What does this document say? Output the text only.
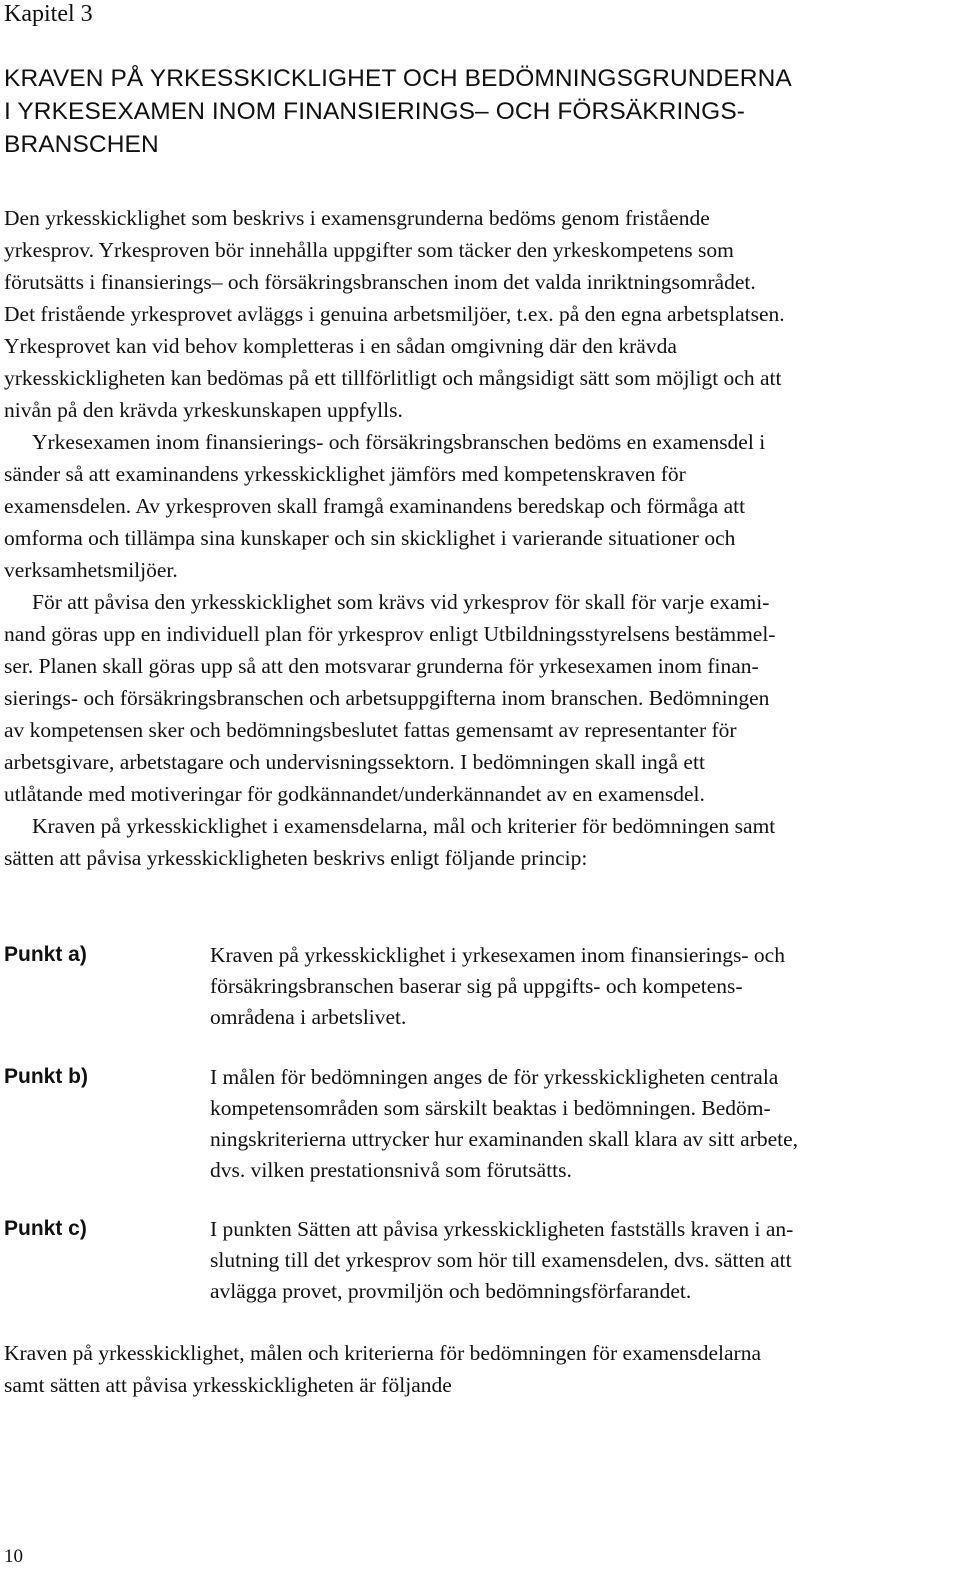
Kapitel 3
KRAVEN PÅ YRKESSKICKLIGHET OCH BEDÖMNINGSGRUNDERNA
I YRKESEXAMEN INOM FINANSIERINGS– OCH FÖRSÄKRINGS-
BRANSCHEN
Den yrkesskicklighet som beskrivs i examensgrunderna bedöms genom fristående
yrkesprov. Yrkesproven bör innehålla uppgifter som täcker den yrkeskompetens som
förutsätts i finansierings– och försäkringsbranschen inom det valda inriktningsområdet.
Det fristående yrkesprovet avläggs i genuina arbetsmiljöer, t.ex. på den egna arbetsplatsen.
Yrkesprovet kan vid behov kompletteras i en sådan omgivning där den krävda
yrkesskickligheten kan bedömas på ett tillförlitligt och mångsidigt sätt som möjligt och att
nivån på den krävda yrkeskunskapen uppfylls.
Yrkesexamen inom finansierings- och försäkringsbranschen bedöms en examensdel i
sänder så att examinandens yrkesskicklighet jämförs med kompetenskraven för
examensdelen. Av yrkesproven skall framgå examinandens beredskap och förmåga att
omforma och tillämpa sina kunskaper och sin skicklighet i varierande situationer och
verksamhetsmiljöer.
För att påvisa den yrkesskicklighet som krävs vid yrkesprov för skall för varje exami-
nand göras upp en individuell plan för yrkesprov enligt Utbildningsstyrelsens bestämmel-
ser. Planen skall göras upp så att den motsvarar grunderna för yrkesexamen inom finan-
sierings- och försäkringsbranschen och arbetsuppgifterna inom branschen. Bedömningen
av kompetensen sker och bedömningsbeslutet fattas gemensamt av representanter för
arbetsgivare, arbetstagare och undervisningssektorn. I bedömningen skall ingå ett
utlåtande med motiveringar för godkännandet/underkännandet av en examensdel.
Kraven på yrkesskicklighet i examensdelarna, mål och kriterier för bedömningen samt
sätten att påvisa yrkesskickligheten beskrivs enligt följande princip:
Punkt a)	Kraven på yrkesskicklighet i yrkesexamen inom finansierings- och
försäkringsbranschen baserar sig på uppgifts- och kompetens-
områdena i arbetslivet.
Punkt b)	I målen för bedömningen anges de för yrkesskickligheten centrala
kompetensområden som särskilt beaktas i bedömningen. Bedöm-
ningskriterierna uttrycker hur examinanden skall klara av sitt arbete,
dvs. vilken prestationsnivå som förutsätts.
Punkt c)	I punkten Sätten att påvisa yrkesskickligheten fastställs kraven i an-
slutning till det yrkesprov som hör till examensdelen, dvs. sätten att
avlägga provet, provmiljön och bedömningsförfarandet.
Kraven på yrkesskicklighet, målen och kriterierna för bedömningen för examensdelarna
samt sätten att påvisa yrkesskickligheten är följande
10
